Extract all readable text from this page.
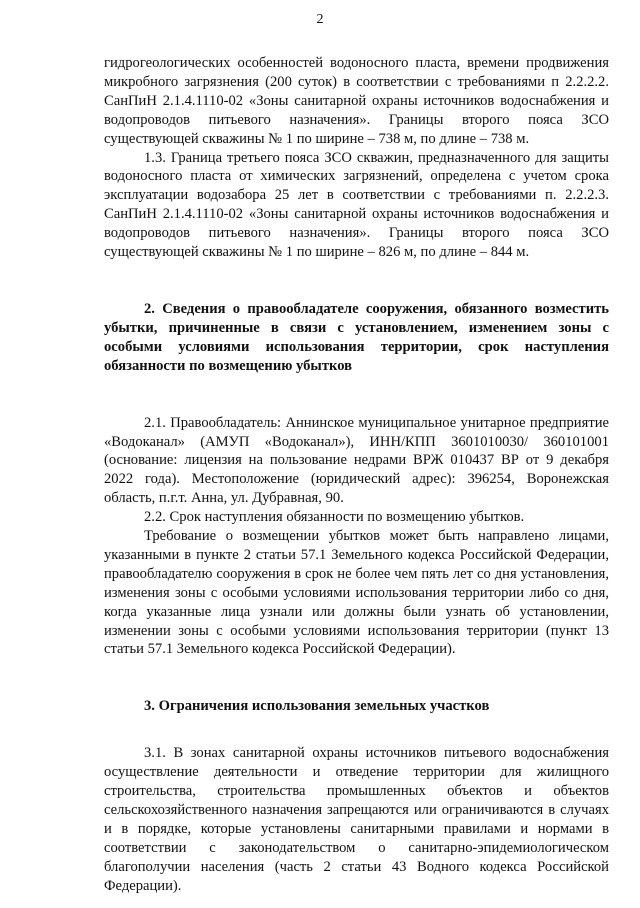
2

гидрогеологических особенностей водоносного пласта, времени продвижения микробного загрязнения (200 суток) в соответствии с требованиями п 2.2.2.2. СанПиН 2.1.4.1110-02 «Зоны санитарной охраны источников водоснабжения и водопроводов питьевого назначения». Границы второго пояса ЗСО существующей скважины № 1 по ширине – 738 м, по длине – 738 м.

1.3. Граница третьего пояса ЗСО скважин, предназначенного для защиты водоносного пласта от химических загрязнений, определена с учетом срока эксплуатации водозабора 25 лет в соответствии с требованиями п. 2.2.2.3. СанПиН 2.1.4.1110-02 «Зоны санитарной охраны источников водоснабжения и водопроводов питьевого назначения». Границы второго пояса ЗСО существующей скважины № 1 по ширине – 826 м, по длине – 844 м.

2. Сведения о правообладателе сооружения, обязанного возместить убытки, причиненные в связи с установлением, изменением зоны с особыми условиями использования территории, срок наступления обязанности по возмещению убытков

2.1. Правообладатель: Аннинское муниципальное унитарное предприятие «Водоканал» (АМУП «Водоканал»), ИНН/КПП 3601010030/ 360101001 (основание: лицензия на пользование недрами ВРЖ 010437 ВР от 9 декабря 2022 года). Местоположение (юридический адрес): 396254, Воронежская область, п.г.т. Анна, ул. Дубравная, 90.

2.2. Срок наступления обязанности по возмещению убытков.

Требование о возмещении убытков может быть направлено лицами, указанными в пункте 2 статьи 57.1 Земельного кодекса Российской Федерации, правообладателю сооружения в срок не более чем пять лет со дня установления, изменения зоны с особыми условиями использования территории либо со дня, когда указанные лица узнали или должны были узнать об установлении, изменении зоны с особыми условиями использования территории (пункт 13 статьи 57.1 Земельного кодекса Российской Федерации).

3. Ограничения использования земельных участков

3.1. В зонах санитарной охраны источников питьевого водоснабжения осуществление деятельности и отведение территории для жилищного строительства, строительства промышленных объектов и объектов сельскохозяйственного назначения запрещаются или ограничиваются в случаях и в порядке, которые установлены санитарными правилами и нормами в соответствии с законодательством о санитарно-эпидемиологическом благополучии населения (часть 2 статьи 43 Водного кодекса Российской Федерации).
